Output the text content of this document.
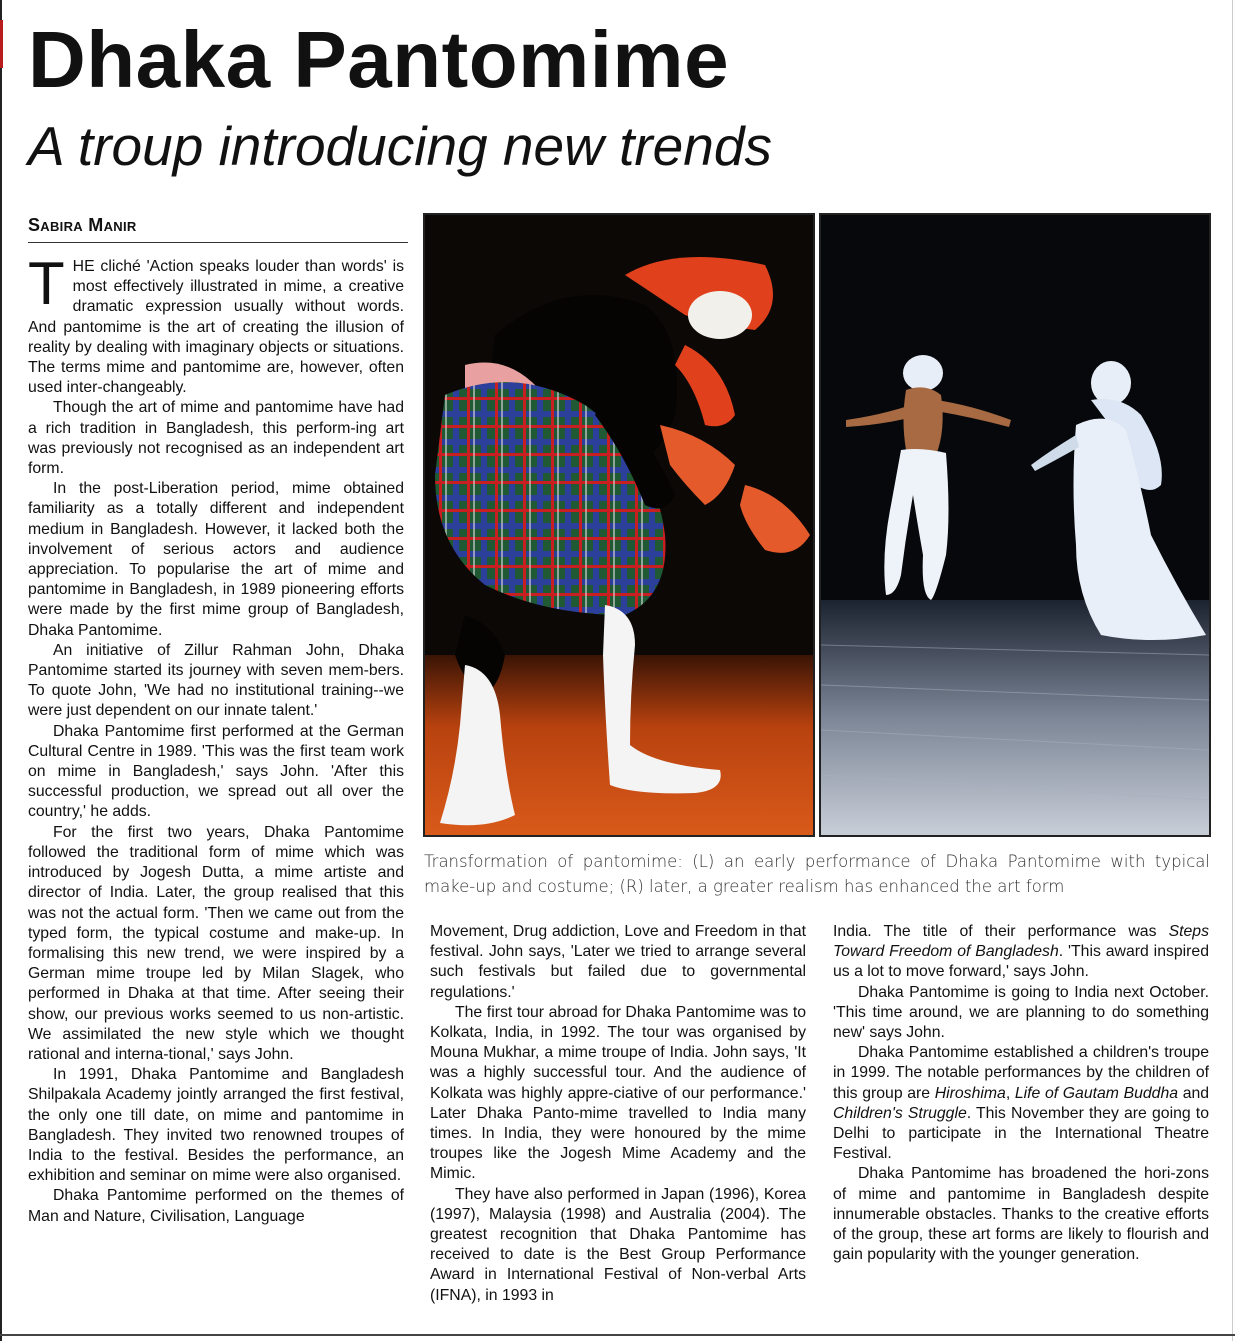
Dhaka Pantomime
A troup introducing new trends
Sabira Manir

THE cliché 'Action speaks louder than words' is most effectively illustrated in mime, a creative dramatic expression usually without words. And pantomime is the art of creating the illusion of reality by dealing with imaginary objects or situations. The terms mime and pantomime are, however, often used inter-changeably.

Though the art of mime and pantomime have had a rich tradition in Bangladesh, this perform-ing art was previously not recognised as an independent art form.

In the post-Liberation period, mime obtained familiarity as a totally different and independent medium in Bangladesh. However, it lacked both the involvement of serious actors and audience appreciation. To popularise the art of mime and pantomime in Bangladesh, in 1989 pioneering efforts were made by the first mime group of Bangladesh, Dhaka Pantomime.

An initiative of Zillur Rahman John, Dhaka Pantomime started its journey with seven mem-bers. To quote John, 'We had no institutional training--we were just dependent on our innate talent.'

Dhaka Pantomime first performed at the German Cultural Centre in 1989. 'This was the first team work on mime in Bangladesh,' says John. 'After this successful production, we spread out all over the country,' he adds.

For the first two years, Dhaka Pantomime followed the traditional form of mime which was introduced by Jogesh Dutta, a mime artiste and director of India. Later, the group realised that this was not the actual form. 'Then we came out from the typed form, the typical costume and make-up. In formalising this new trend, we were inspired by a German mime troupe led by Milan Slagek, who performed in Dhaka at that time. After seeing their show, our previous works seemed to us non-artistic. We assimilated the new style which we thought rational and interna-tional,' says John.

In 1991, Dhaka Pantomime and Bangladesh Shilpakala Academy jointly arranged the first festival, the only one till date, on mime and pantomime in Bangladesh. They invited two renowned troupes of India to the festival. Besides the performance, an exhibition and seminar on mime were also organised.

Dhaka Pantomime performed on the themes of Man and Nature, Civilisation, Language

Transformation of pantomime: (L) an early performance of Dhaka Pantomime with typical make-up and costume; (R) later, a greater realism has enhanced the art form

Movement, Drug addiction, Love and Freedom in that festival. John says, 'Later we tried to arrange several such festivals but failed due to governmental regulations.'

The first tour abroad for Dhaka Pantomime was to Kolkata, India, in 1992. The tour was organised by Mouna Mukhar, a mime troupe of India. John says, 'It was a highly successful tour. And the audience of Kolkata was highly appre-ciative of our performance.' Later Dhaka Panto-mime travelled to India many times. In India, they were honoured by the mime troupes like the Jogesh Mime Academy and the Mimic.

They have also performed in Japan (1996), Korea (1997), Malaysia (1998) and Australia (2004). The greatest recognition that Dhaka Pantomime has received to date is the Best Group Performance Award in International Festival of Non-verbal Arts (IFNA), in 1993 in

India. The title of their performance was Steps Toward Freedom of Bangladesh. 'This award inspired us a lot to move forward,' says John.

Dhaka Pantomime is going to India next October. 'This time around, we are planning to do something new' says John.

Dhaka Pantomime established a children's troupe in 1999. The notable performances by the children of this group are Hiroshima, Life of Gautam Buddha and Children's Struggle. This November they are going to Delhi to participate in the International Theatre Festival.

Dhaka Pantomime has broadened the hori-zons of mime and pantomime in Bangladesh despite innumerable obstacles. Thanks to the creative efforts of the group, these art forms are likely to flourish and gain popularity with the younger generation.
